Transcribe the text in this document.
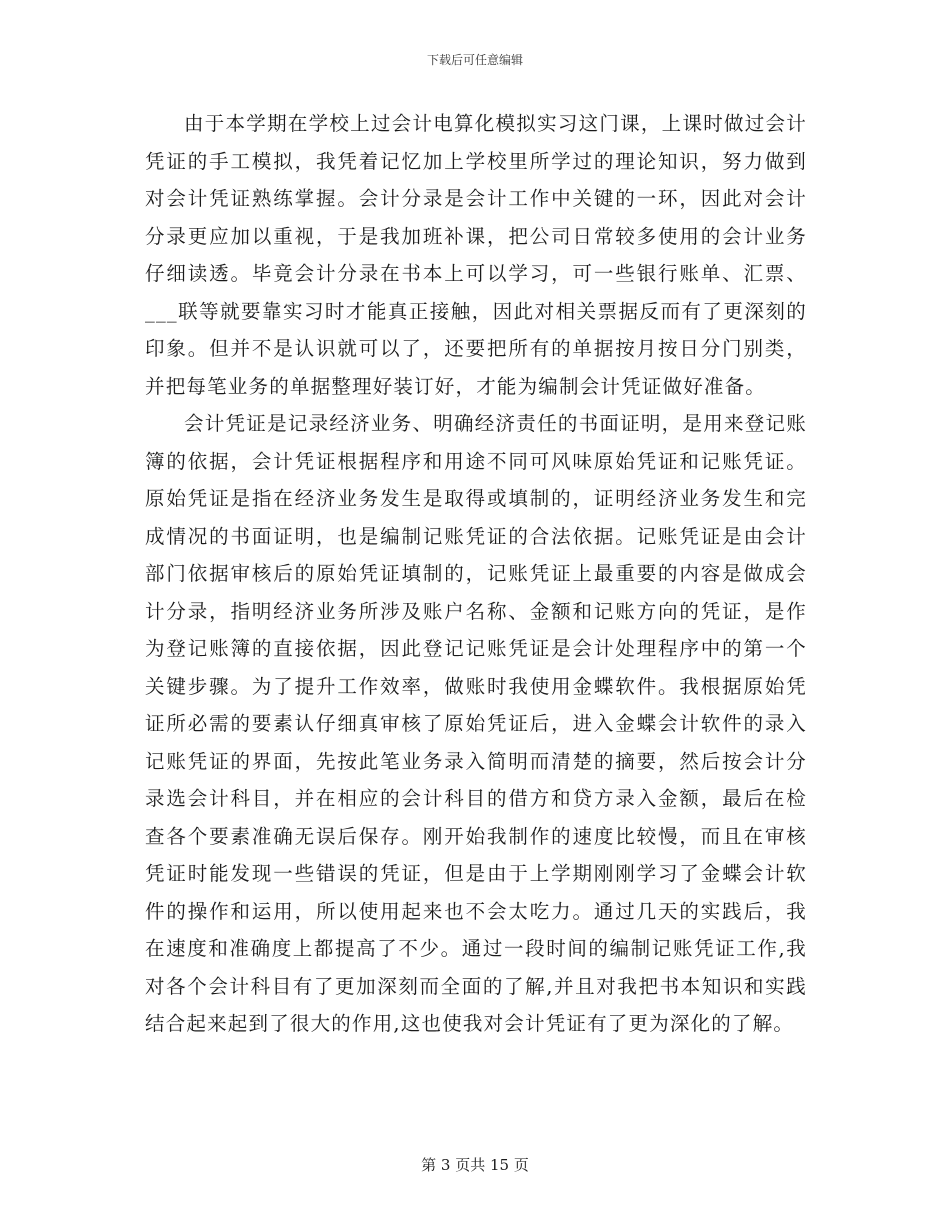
下载后可任意编辑

由于本学期在学校上过会计电算化模拟实习这门课，上课时做过会计凭证的手工模拟，我凭着记忆加上学校里所学过的理论知识，努力做到对会计凭证熟练掌握。会计分录是会计工作中关键的一环，因此对会计分录更应加以重视，于是我加班补课，把公司日常较多使用的会计业务仔细读透。毕竟会计分录在书本上可以学习，可一些银行账单、汇票、___联等就要靠实习时才能真正接触，因此对相关票据反而有了更深刻的印象。但并不是认识就可以了，还要把所有的单据按月按日分门别类，并把每笔业务的单据整理好装订好，才能为编制会计凭证做好准备。

会计凭证是记录经济业务、明确经济责任的书面证明，是用来登记账簿的依据，会计凭证根据程序和用途不同可风味原始凭证和记账凭证。原始凭证是指在经济业务发生是取得或填制的，证明经济业务发生和完成情况的书面证明，也是编制记账凭证的合法依据。记账凭证是由会计部门依据审核后的原始凭证填制的，记账凭证上最重要的内容是做成会计分录，指明经济业务所涉及账户名称、金额和记账方向的凭证，是作为登记账簿的直接依据，因此登记记账凭证是会计处理程序中的第一个关键步骤。为了提升工作效率，做账时我使用金蝶软件。我根据原始凭证所必需的要素认仔细真审核了原始凭证后，进入金蝶会计软件的录入记账凭证的界面，先按此笔业务录入简明而清楚的摘要，然后按会计分录选会计科目，并在相应的会计科目的借方和贷方录入金额，最后在检查各个要素准确无误后保存。刚开始我制作的速度比较慢，而且在审核凭证时能发现一些错误的凭证，但是由于上学期刚刚学习了金蝶会计软件的操作和运用，所以使用起来也不会太吃力。通过几天的实践后，我在速度和准确度上都提高了不少。通过一段时间的编制记账凭证工作,我对各个会计科目有了更加深刻而全面的了解,并且对我把书本知识和实践结合起来起到了很大的作用,这也使我对会计凭证有了更为深化的了解。

第 3 页共 15 页
